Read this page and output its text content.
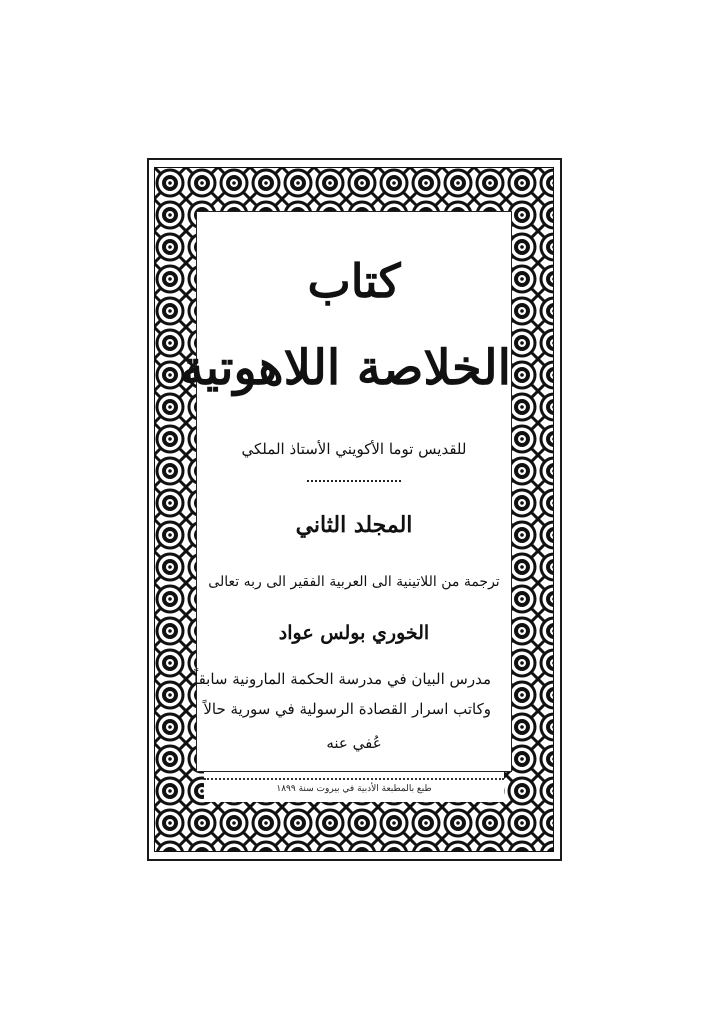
كتاب
الخلاصة اللاهوتية
للقديس توما الأكويني الأستاذ الملكي
المجلد الثاني
ترجمة من اللاتينية الى العربية الفقير الى ربه تعالى
الخوري بولس عواد
مدرس البيان في مدرسة الحكمة المارونية سابقاً
وكاتب اسرار القصادة الرسولية في سورية حالاً
عُفي عنه
طبع بالمطبعة الأدبية في بيروت سنة ١٨٩٩
